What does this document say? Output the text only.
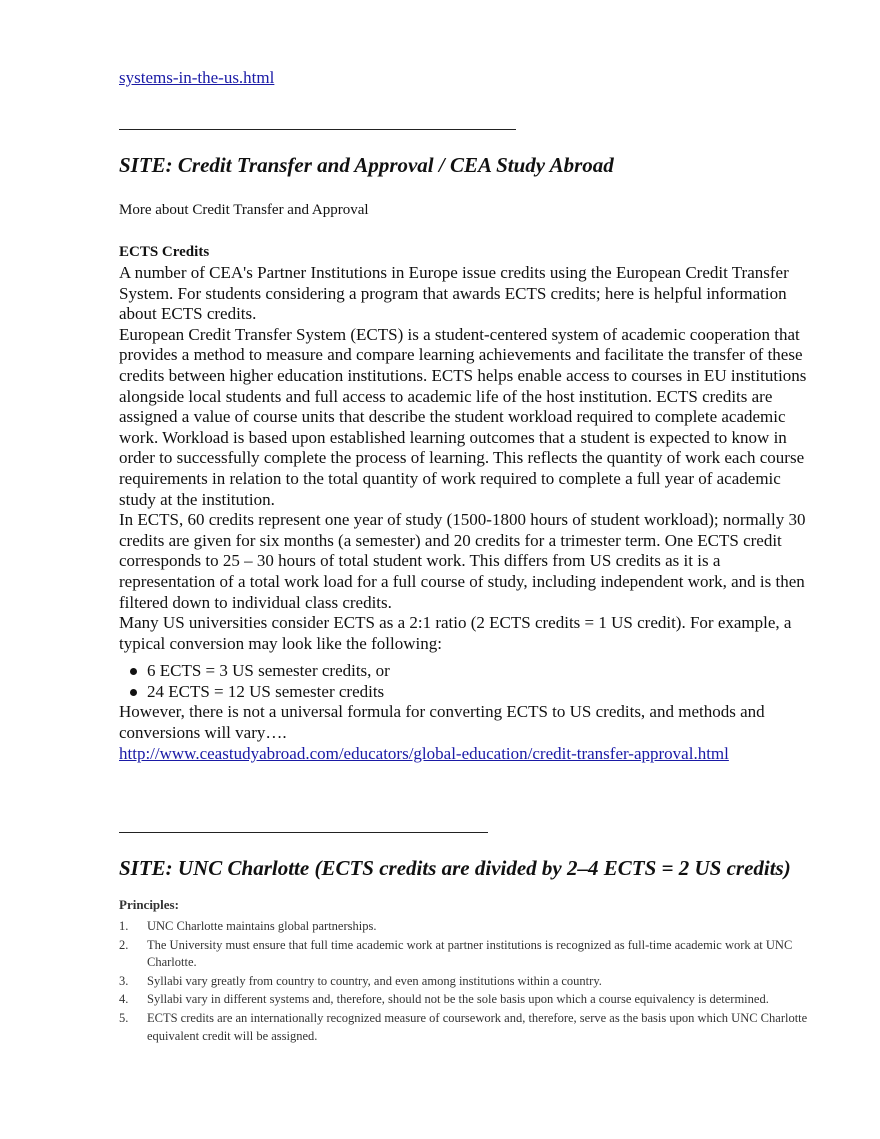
systems-in-the-us.html
SITE: Credit Transfer and Approval / CEA Study Abroad
More about Credit Transfer and Approval

ECTS Credits

A number of CEA's Partner Institutions in Europe issue credits using the European Credit Transfer System. For students considering a program that awards ECTS credits; here is helpful information about ECTS credits.

European Credit Transfer System (ECTS) is a student-centered system of academic cooperation that provides a method to measure and compare learning achievements and facilitate the transfer of these credits between higher education institutions. ECTS helps enable access to courses in EU institutions alongside local students and full access to academic life of the host institution. ECTS credits are assigned a value of course units that describe the student workload required to complete academic work. Workload is based upon established learning outcomes that a student is expected to know in order to successfully complete the process of learning. This reflects the quantity of work each course requirements in relation to the total quantity of work required to complete a full year of academic study at the institution.

In ECTS, 60 credits represent one year of study (1500-1800 hours of student workload); normally 30 credits are given for six months (a semester) and 20 credits for a trimester term. One ECTS credit corresponds to 25 – 30 hours of total student work. This differs from US credits as it is a representation of a total work load for a full course of study, including independent work, and is then filtered down to individual class credits.

Many US universities consider ECTS as a 2:1 ratio (2 ECTS credits = 1 US credit). For example, a typical conversion may look like the following:

6 ECTS = 3 US semester credits, or
24 ECTS = 12 US semester credits

However, there is not a universal formula for converting ECTS to US credits, and methods and conversions will vary….

http://www.ceastudyabroad.com/educators/global-education/credit-transfer-approval.html

SITE: UNC Charlotte (ECTS credits are divided by 2–4 ECTS = 2 US credits)

Principles:

1. UNC Charlotte maintains global partnerships.
2. The University must ensure that full time academic work at partner institutions is recognized as full-time academic work at UNC Charlotte.
3. Syllabi vary greatly from country to country, and even among institutions within a country.
4. Syllabi vary in different systems and, therefore, should not be the sole basis upon which a course equivalency is determined.
5. ECTS credits are an internationally recognized measure of coursework and, therefore, serve as the basis upon which UNC Charlotte equivalent credit will be assigned.
